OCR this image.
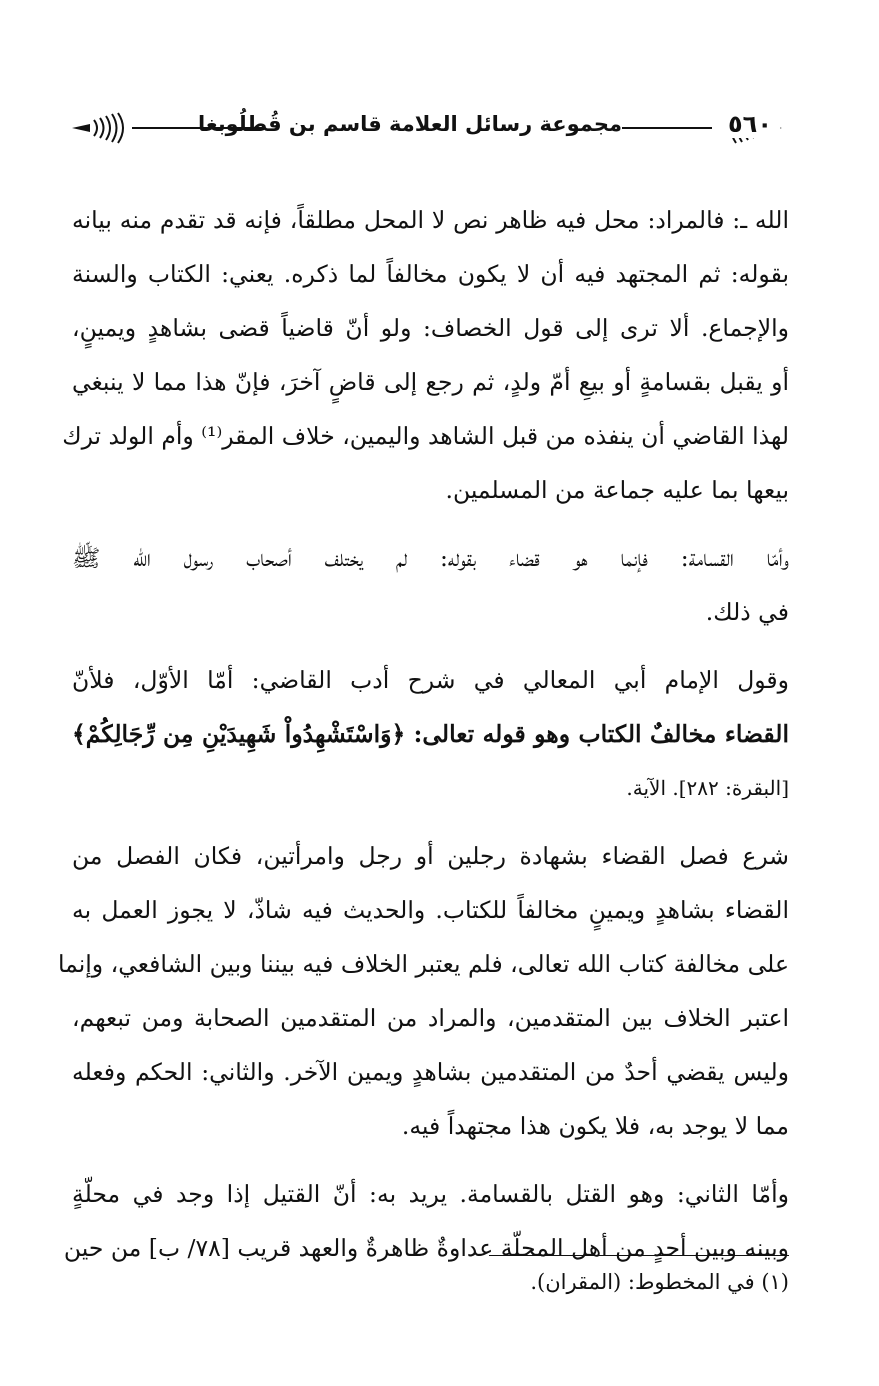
٥٦٠
مجموعة رسائل العلامة قاسم بن قُطلُوبغا

الله ـ: فالمراد: محل فيه ظاهر نص لا المحل مطلقاً، فإنه قد تقدم منه بيانه
بقوله: ثم المجتهد فيه أن لا يكون مخالفاً لما ذكره. يعني: الكتاب والسنة
والإجماع. ألا ترى إلى قول الخصاف: ولو أنّ قاضياً قضى بشاهدٍ ويمينٍ،
أو يقبل بقسامةٍ أو بيعِ أمّ ولدٍ، ثم رجع إلى قاضٍ آخرَ، فإنّ هذا مما لا ينبغي
لهذا القاضي أن ينفذه من قبل الشاهد واليمين، خلاف المقر⁽¹⁾ وأم الولد ترك
بيعها بما عليه جماعة من المسلمين.

وأمّا القسامة: فإنما هو قضاء بقوله: لم يختلف أصحاب رسول الله ﷺ
في ذلك.

وقول الإمام أبي المعالي في شرح أدب القاضي: أمّا الأوّل، فلأنّ
القضاء مخالفٌ الكتاب وهو قوله تعالى: ﴿وَاسْتَشْهِدُواْ شَهِيدَيْنِ مِن رِّجَالِكُمْ﴾
[البقرة: ٢٨٢]. الآية.

شرع فصل القضاء بشهادة رجلين أو رجل وامرأتين، فكان الفصل من
القضاء بشاهدٍ ويمينٍ مخالفاً للكتاب. والحديث فيه شاذّ، لا يجوز العمل به
على مخالفة كتاب الله تعالى، فلم يعتبر الخلاف فيه بيننا وبين الشافعي، وإنما
اعتبر الخلاف بين المتقدمين، والمراد من المتقدمين الصحابة ومن تبعهم،
وليس يقضي أحدٌ من المتقدمين بشاهدٍ ويمين الآخر. والثاني: الحكم وفعله
مما لا يوجد به، فلا يكون هذا مجتهداً فيه.

وأمّا الثاني: وهو القتل بالقسامة. يريد به: أنّ القتيل إذا وجد في محلّةٍ
وبينه وبين أحدٍ من أهل المحلّة عداوةٌ ظاهرةٌ والعهد قريب [٧٨/ ب] من حين

(١) في المخطوط: (المقران).
